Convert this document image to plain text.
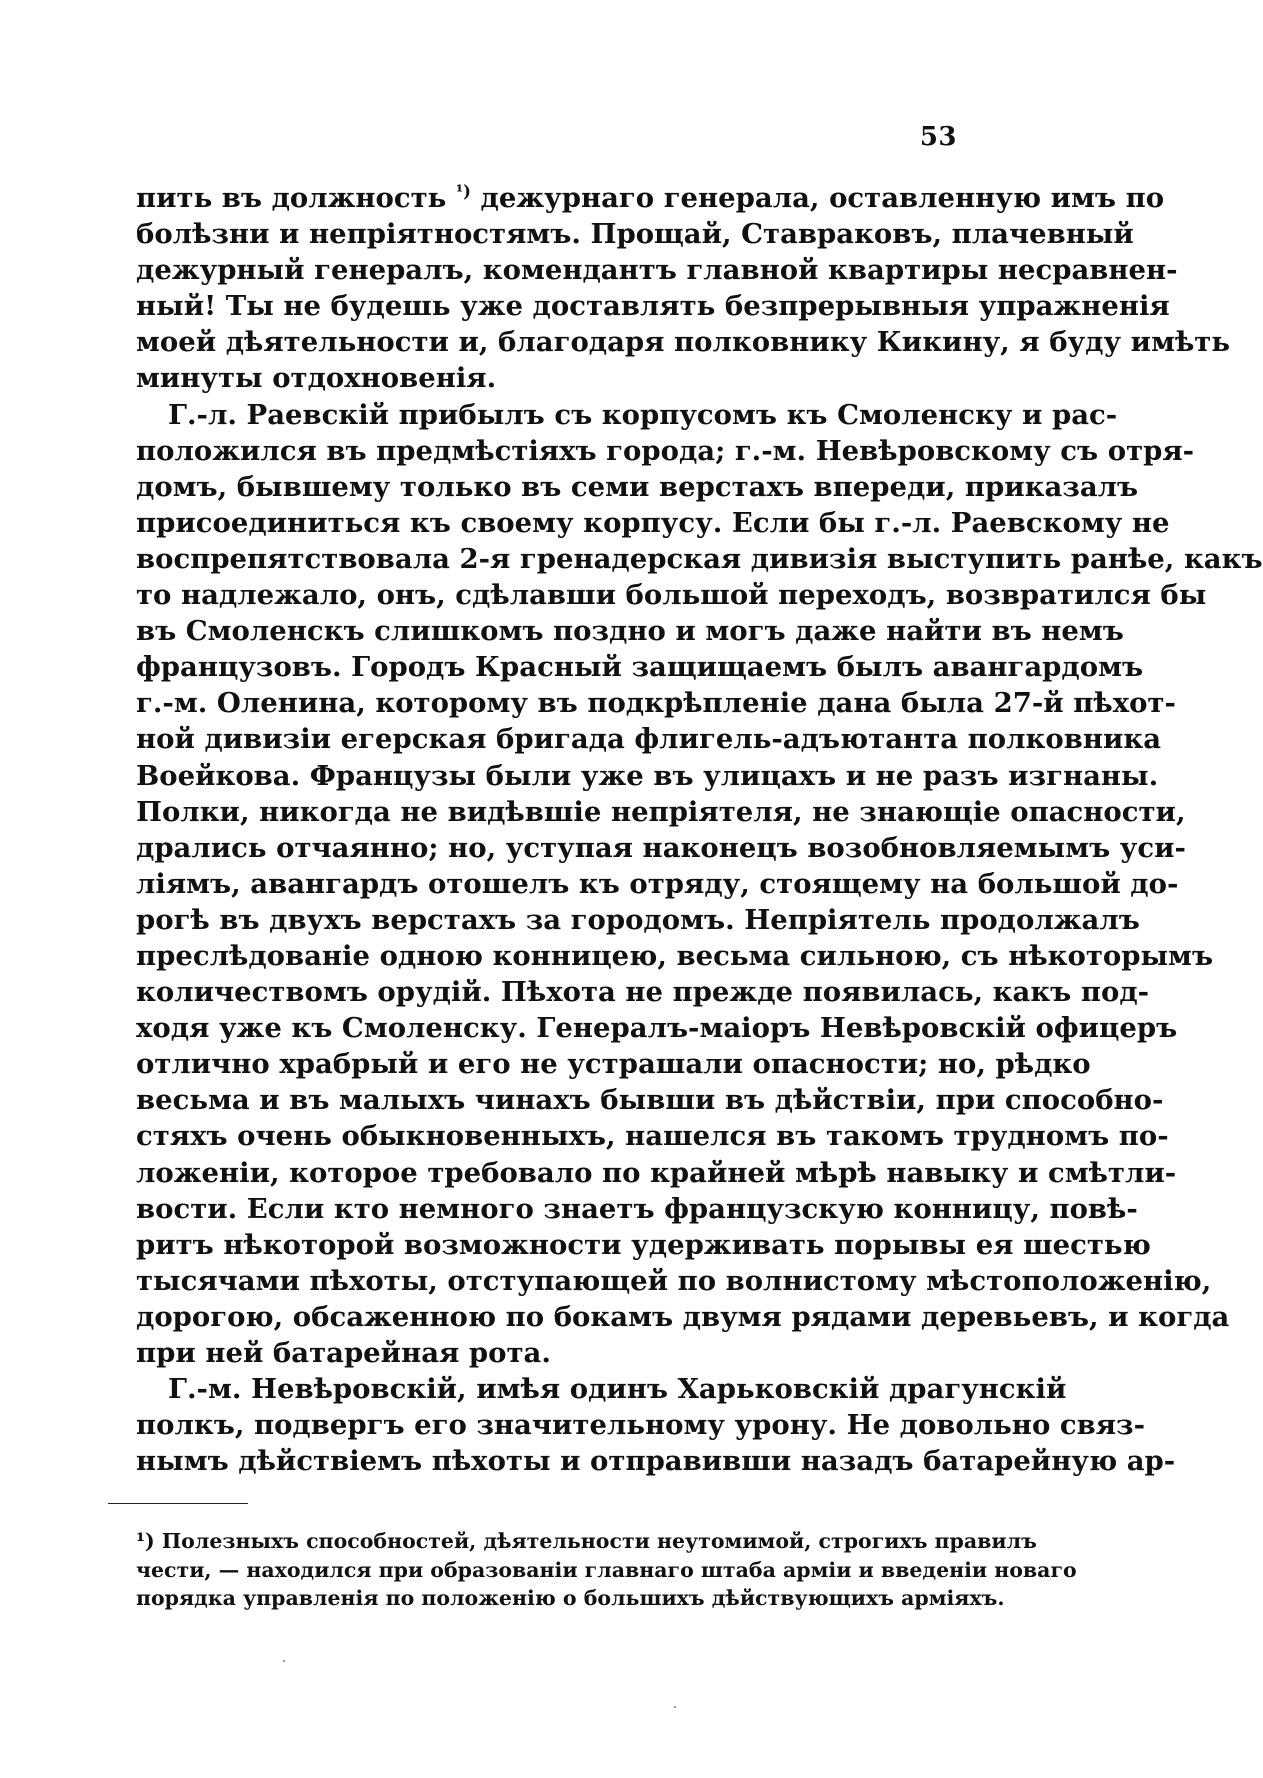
53
пить въ должность $^{^1)}$ дежурнаго генерала, оставленную имъ по
болѣзни и непріятностямъ. Прощай, Ставраковъ, плачевный
дежурный генералъ, комендантъ главной квартиры несравнен-
ный! Ты не будешь уже доставлять безпрерывныя упражненія
моей дѣятельности и, благодаря полковнику Кикину, я буду имѣть
минуты отдохновенія.
Г.-л. Раевскій прибылъ съ корпусомъ къ Смоленску и рас-
положился въ предмѣстіяхъ города; г.-м. Невѣровскому съ отря-
домъ, бывшему только въ семи верстахъ впереди, приказалъ
присоединиться къ своему корпусу. Если бы г.-л. Раевскому не
воспрепятствовала 2-я гренадерская дивизія выступить ранѣе, какъ
то надлежало, онъ, сдѣлавши большой переходъ, возвратился бы
въ Смоленскъ слишкомъ поздно и могъ даже найти въ немъ
французовъ. Городъ Красный защищаемъ былъ авангардомъ
г.-м. Оленина, которому въ подкрѣпленіе дана была 27-й пѣхот-
ной дивизіи егерская бригада флигель-адъютанта полковника
Воейкова. Французы были уже въ улицахъ и не разъ изгнаны.
Полки, никогда не видѣвшіе непріятеля, не знающіе опасности,
дрались отчаянно; но, уступая наконецъ возобновляемымъ уси-
ліямъ, авангардъ отошелъ къ отряду, стоящему на большой до-
рогѣ въ двухъ верстахъ за городомъ. Непріятель продолжалъ
преслѣдованіе одною конницею, весьма сильною, съ нѣкоторымъ
количествомъ орудій. Пѣхота не прежде появилась, какъ под-
ходя уже къ Смоленску. Генералъ-маіоръ Невѣровскій офицеръ
отлично храбрый и его не устрашали опасности; но, рѣдко
весьма и въ малыхъ чинахъ бывши въ дѣйствіи, при способно-
стяхъ очень обыкновенныхъ, нашелся въ такомъ трудномъ по-
ложеніи, которое требовало по крайней мѣрѣ навыку и смѣтли-
вости. Если кто немного знаетъ французскую конницу, повѣ-
ритъ нѣкоторой возможности удерживать порывы ея шестью
тысячами пѣхоты, отступающей по волнистому мѣстоположенію,
дорогою, обсаженною по бокамъ двумя рядами деревьевъ, и когда
при ней батарейная рота.
Г.-м. Невѣровскій, имѣя одинъ Харьковскій драгунскій
полкъ, подвергъ его значительному урону. Не довольно связ-
нымъ дѣйствіемъ пѣхоты и отправивши назадъ батарейную ар-
¹) Полезныхъ способностей, дѣятельности неутомимой, строгихъ правилъ
чести, — находился при образованіи главнаго штаба арміи и введеніи новаго
порядка управленія по положенію о большихъ дѣйствующихъ арміяхъ.
